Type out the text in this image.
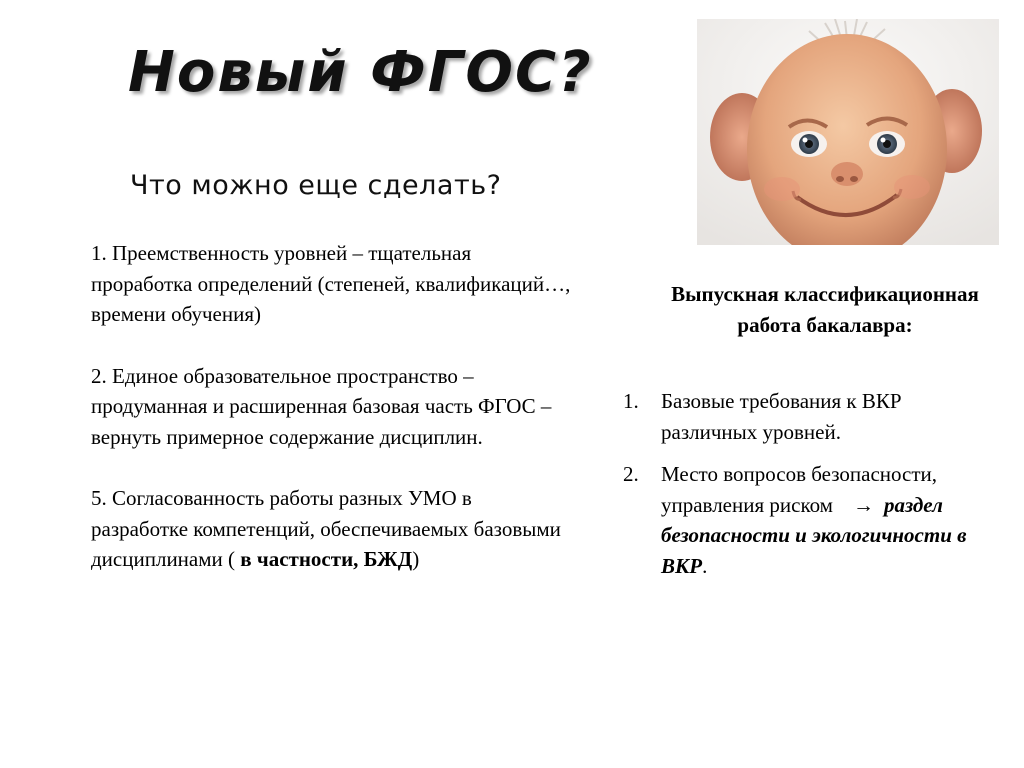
Новый ФГОС?
Что можно еще сделать?

1. Преемственность уровней – тщательная проработка определений (степеней, квалификаций…, времени обучения)

2. Единое образовательное пространство – продуманная и расширенная базовая часть ФГОС – вернуть примерное содержание дисциплин.

5. Согласованность работы разных УМО в разработке компетенций, обеспечиваемых базовыми дисциплинами ( в частности, БЖД)

Выпускная классификационная работа бакалавра:
1. Базовые требования к ВКР различных уровней.
2. Место вопросов безопасности, управления риском → раздел безопасности и экологичности в ВКР.
